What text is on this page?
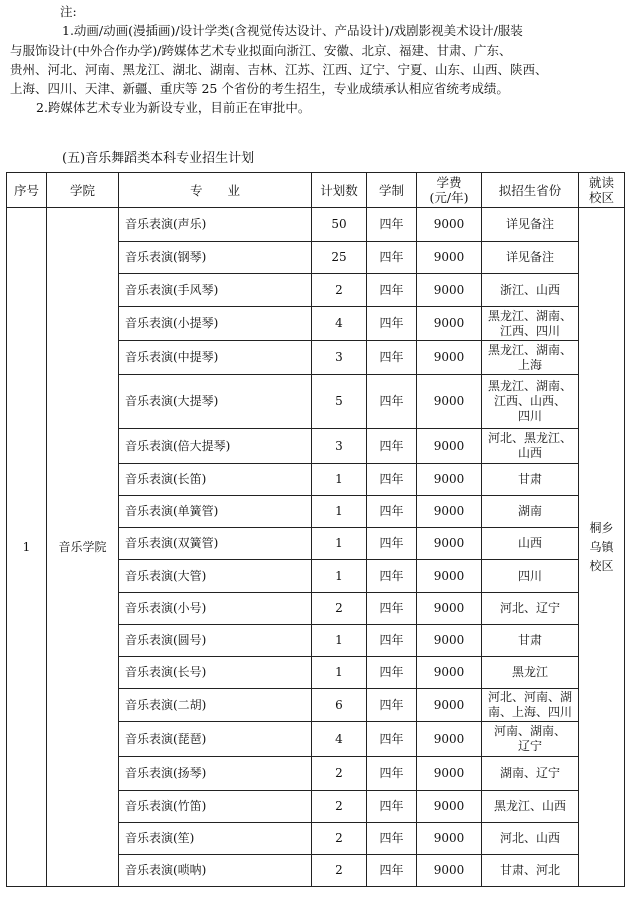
注:
1.动画/动画(漫插画)/设计学类(含视觉传达设计、产品设计)/戏剧影视美术设计/服装
与服饰设计(中外合作办学)/跨媒体艺术专业拟面向浙江、安徽、北京、福建、甘肃、广东、
贵州、河北、河南、黑龙江、湖北、湖南、吉林、江苏、江西、辽宁、宁夏、山东、山西、陕西、
上海、四川、天津、新疆、重庆等 25 个省份的考生招生，专业成绩承认相应省统考成绩。
2.跨媒体艺术专业为新设专业，目前正在审批中。
(五)音乐舞蹈类本科专业招生计划
序号	学院	专　　业	计划数	学制	学费
(元/年)	拟招生省份	就读
校区
1	音乐学院	音乐表演(声乐)	50	四年	9000	详见备注	桐乡
乌镇
校区
		音乐表演(钢琴)	25	四年	9000	详见备注	
		音乐表演(手风琴)	2	四年	9000	浙江、山西	
		音乐表演(小提琴)	4	四年	9000	黑龙江、湖南、
江西、四川	
		音乐表演(中提琴)	3	四年	9000	黑龙江、湖南、
上海	
		音乐表演(大提琴)	5	四年	9000	黑龙江、湖南、
江西、山西、
四川	
		音乐表演(倍大提琴)	3	四年	9000	河北、黑龙江、
山西	
		音乐表演(长笛)	1	四年	9000	甘肃	
		音乐表演(单簧管)	1	四年	9000	湖南	
		音乐表演(双簧管)	1	四年	9000	山西	
		音乐表演(大管)	1	四年	9000	四川	
		音乐表演(小号)	2	四年	9000	河北、辽宁	
		音乐表演(圆号)	1	四年	9000	甘肃	
		音乐表演(长号)	1	四年	9000	黑龙江	
		音乐表演(二胡)	6	四年	9000	河北、河南、湖
南、上海、四川	
		音乐表演(琵琶)	4	四年	9000	河南、湖南、
辽宁	
		音乐表演(扬琴)	2	四年	9000	湖南、辽宁	
		音乐表演(竹笛)	2	四年	9000	黑龙江、山西	
		音乐表演(笙)	2	四年	9000	河北、山西	
		音乐表演(唢呐)	2	四年	9000	甘肃、河北	
